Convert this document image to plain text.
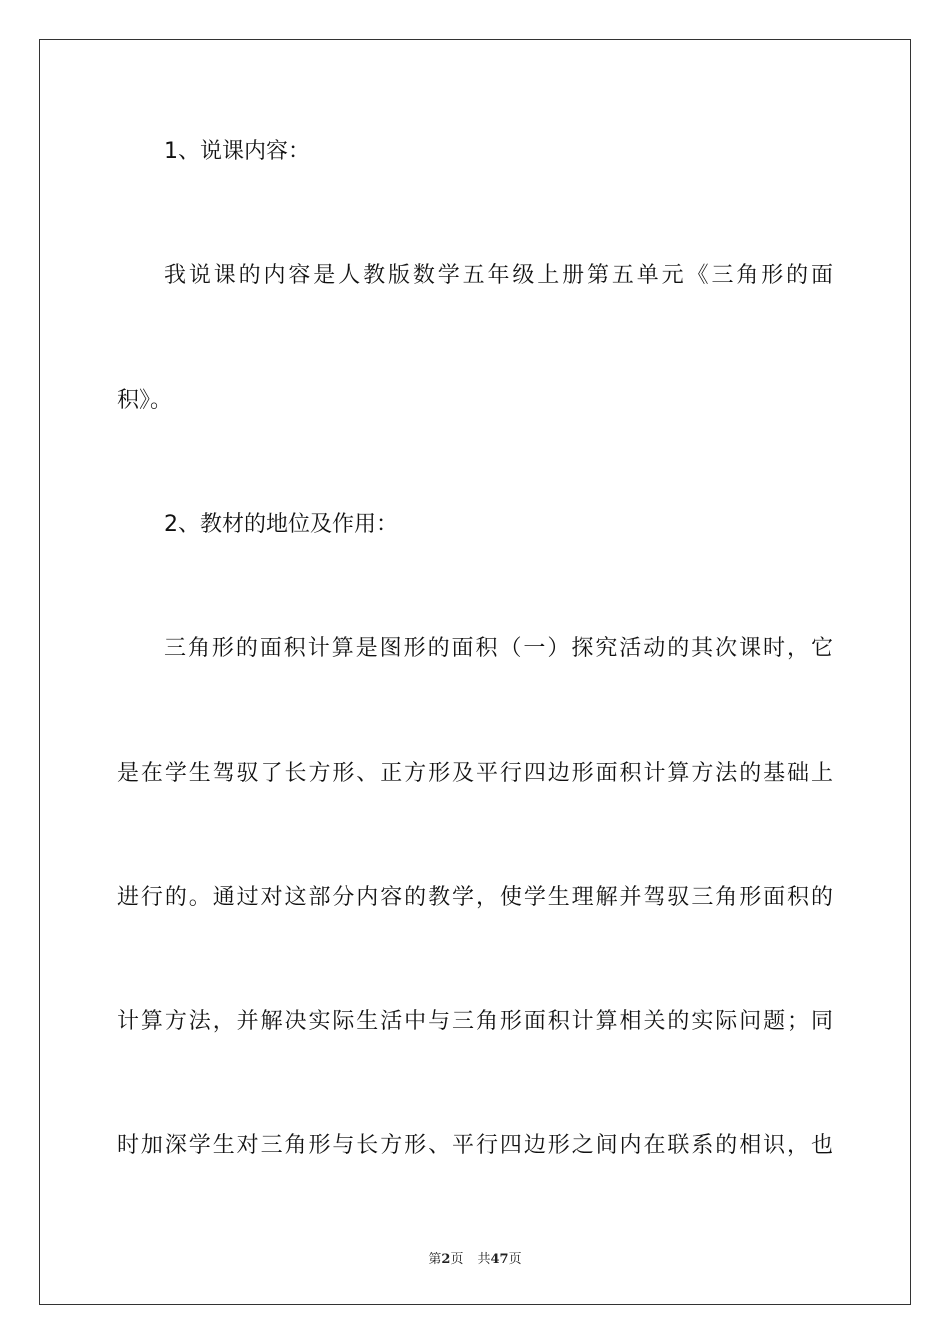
1、说课内容：
我说课的内容是人教版数学五年级上册第五单元《三角形的面
积》。
2、教材的地位及作用：
三角形的面积计算是图形的面积（一）探究活动的其次课时，它
是在学生驾驭了长方形、正方形及平行四边形面积计算方法的基础上
进行的。通过对这部分内容的教学，使学生理解并驾驭三角形面积的
计算方法，并解决实际生活中与三角形面积计算相关的实际问题；同
时加深学生对三角形与长方形、平行四边形之间内在联系的相识，也
第2页 共47页
